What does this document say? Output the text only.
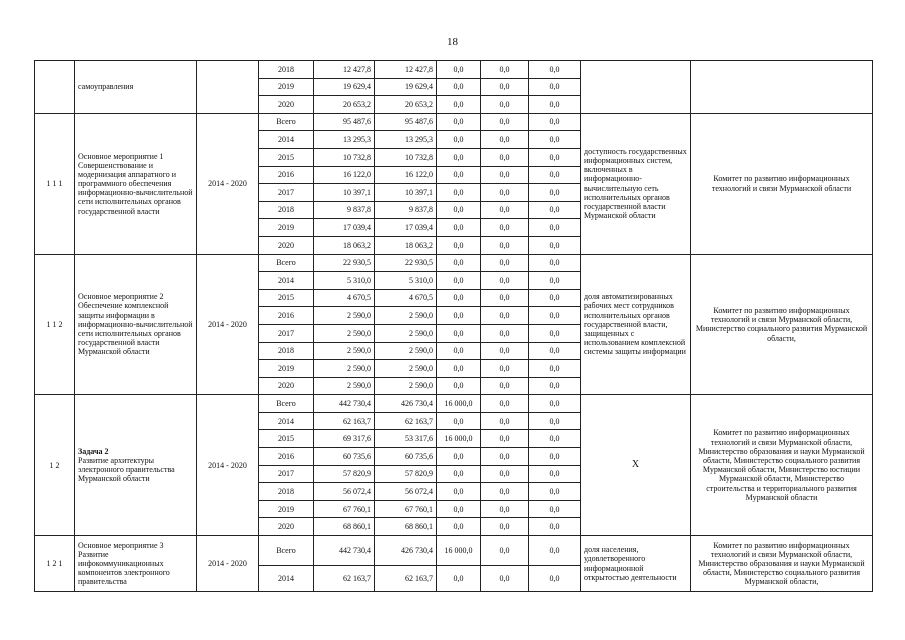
18

	самоуправления		2018	12 427,8	12 427,8	0,0	0,0	0,0		
			2019	19 629,4	19 629,4	0,0	0,0	0,0		
			2020	20 653,2	20 653,2	0,0	0,0	0,0		
1 1 1	Основное мероприятие 1 Совершенствование и модернизация аппаратного и программного обеспечения информационно-вычислительной сети исполнительных органов государственной власти	2014 - 2020	Всего	95 487,6	95 487,6	0,0	0,0	0,0	доступность государственных информационных систем, включенных в информационно-вычислительную сеть исполнительных органов государственной власти Мурманской области	Комитет по развитию информационных технологий и связи Мурманской области
			2014	13 295,3	13 295,3	0,0	0,0	0,0		
			2015	10 732,8	10 732,8	0,0	0,0	0,0		
			2016	16 122,0	16 122,0	0,0	0,0	0,0		
			2017	10 397,1	10 397,1	0,0	0,0	0,0		
			2018	9 837,8	9 837,8	0,0	0,0	0,0		
			2019	17 039,4	17 039,4	0,0	0,0	0,0		
			2020	18 063,2	18 063,2	0,0	0,0	0,0		
1 1 2	Основное мероприятие 2 Обеспечение комплексной защиты информации в информационно-вычислительной сети исполнительных органов государственной власти Мурманской области	2014 - 2020	Всего	22 930,5	22 930,5	0,0	0,0	0,0	доля автоматизированных рабочих мест сотрудников исполнительных органов государственной власти, защищенных с использованием комплексной системы защиты информации	Комитет по развитию информационных технологий и связи Мурманской области, Министерство социального развития Мурманской области,
			2014	5 310,0	5 310,0	0,0	0,0	0,0		
			2015	4 670,5	4 670,5	0,0	0,0	0,0		
			2016	2 590,0	2 590,0	0,0	0,0	0,0		
			2017	2 590,0	2 590,0	0,0	0,0	0,0		
			2018	2 590,0	2 590,0	0,0	0,0	0,0		
			2019	2 590,0	2 590,0	0,0	0,0	0,0		
			2020	2 590,0	2 590,0	0,0	0,0	0,0		
1 2	Задача 2
Развитие архитектуры электронного правительства Мурманской области	2014 - 2020	Всего	442 730,4	426 730,4	16 000,0	0,0	0,0	X	Комитет по развитию информационных технологий и связи Мурманской области, Министерство образования и науки Мурманской области, Министерство социального развития Мурманской области, Министерство юстиции Мурманской области, Министерство строительства и территориального развития Мурманской области
			2014	62 163,7	62 163,7	0,0	0,0	0,0		
			2015	69 317,6	53 317,6	16 000,0	0,0	0,0		
			2016	60 735,6	60 735,6	0,0	0,0	0,0		
			2017	57 820,9	57 820,9	0,0	0,0	0,0		
			2018	56 072,4	56 072,4	0,0	0,0	0,0		
			2019	67 760,1	67 760,1	0,0	0,0	0,0		
			2020	68 860,1	68 860,1	0,0	0,0	0,0		
1 2 1	Основное мероприятие 3 Развитие инфокоммуникационных компонентов электронного правительства	2014 - 2020	Всего	442 730,4	426 730,4	16 000,0	0,0	0,0	доля населения, удовлетворенного информационной открытостью деятельности	Комитет по развитию информационных технологий и связи Мурманской области, Министерство образования и науки Мурманской области, Министерство социального развития Мурманской области,
			2014	62 163,7	62 163,7	0,0	0,0	0,0		
